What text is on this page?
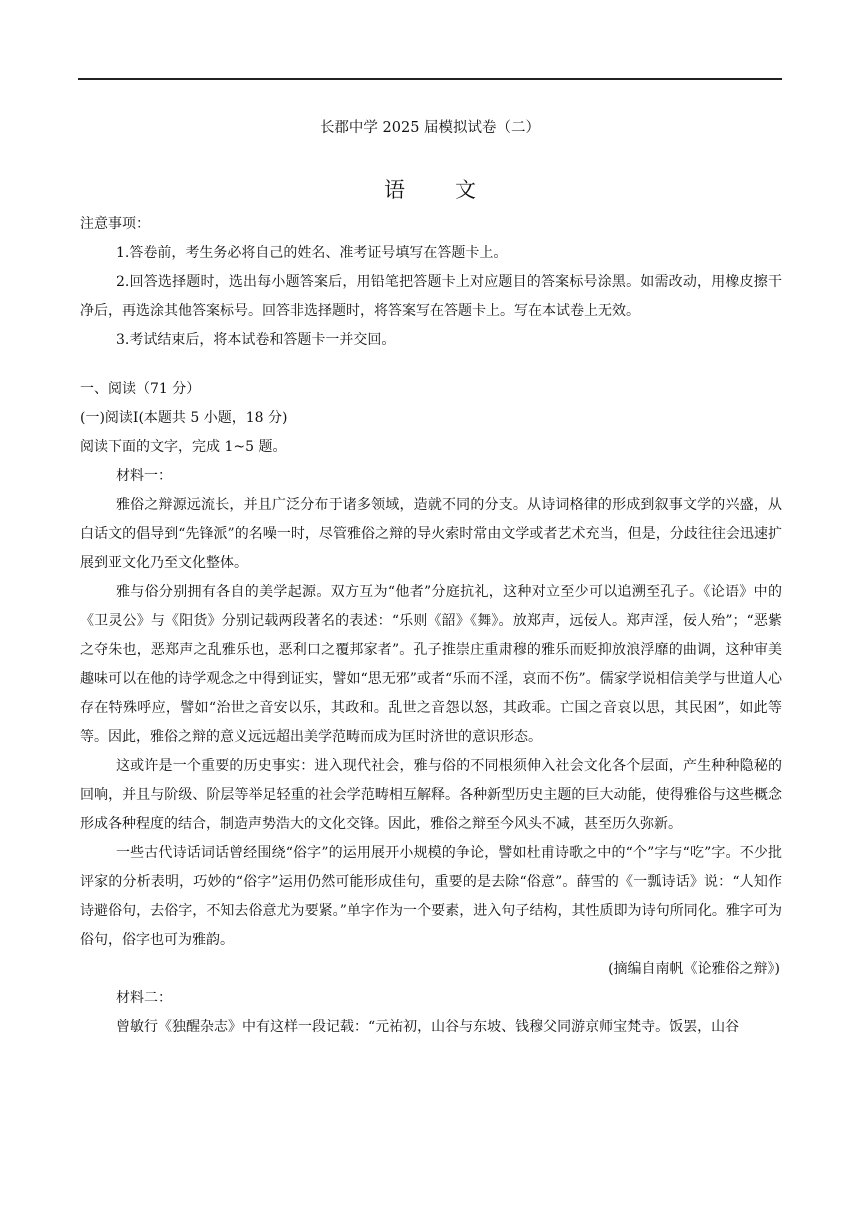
长郡中学 2025 届模拟试卷（二）
语文
注意事项：

1.答卷前，考生务必将自己的姓名、准考证号填写在答题卡上。

2.回答选择题时，选出每小题答案后，用铅笔把答题卡上对应题目的答案标号涂黑。如需改动，用橡皮擦干净后，再选涂其他答案标号。回答非选择题时，将答案写在答题卡上。写在本试卷上无效。

3.考试结束后，将本试卷和答题卡一并交回。

一、阅读（71 分）
(一)阅读Ⅰ(本题共 5 小题，18 分)
阅读下面的文字，完成 1~5 题。
材料一：

雅俗之辩源远流长，并且广泛分布于诸多领域，造就不同的分支。从诗词格律的形成到叙事文学的兴盛，从白话文的倡导到“先锋派”的名噪一时，尽管雅俗之辩的导火索时常由文学或者艺术充当，但是，分歧往往会迅速扩展到亚文化乃至文化整体。

雅与俗分别拥有各自的美学起源。双方互为“他者”分庭抗礼，这种对立至少可以追溯至孔子。《论语》中的《卫灵公》与《阳货》分别记载两段著名的表述：“乐则《韶》《舞》。放郑声，远佞人。郑声淫，佞人殆”；“恶紫之夺朱也，恶郑声之乱雅乐也，恶利口之覆邦家者”。孔子推崇庄重肃穆的雅乐而贬抑放浪浮靡的曲调，这种审美趣味可以在他的诗学观念之中得到证实，譬如“思无邪”或者“乐而不淫，哀而不伤”。儒家学说相信美学与世道人心存在特殊呼应，譬如“治世之音安以乐，其政和。乱世之音怨以怒，其政乖。亡国之音哀以思，其民困”，如此等等。因此，雅俗之辩的意义远远超出美学范畴而成为匡时济世的意识形态。

这或许是一个重要的历史事实：进入现代社会，雅与俗的不同根须伸入社会文化各个层面，产生种种隐秘的回响，并且与阶级、阶层等举足轻重的社会学范畴相互解释。各种新型历史主题的巨大动能，使得雅俗与这些概念形成各种程度的结合，制造声势浩大的文化交锋。因此，雅俗之辩至今风头不减，甚至历久弥新。

一些古代诗话词话曾经围绕“俗字”的运用展开小规模的争论，譬如杜甫诗歌之中的“个”字与“吃”字。不少批评家的分析表明，巧妙的“俗字”运用仍然可能形成佳句，重要的是去除“俗意”。薛雪的《一瓢诗话》说：“人知作诗避俗句，去俗字，不知去俗意尤为要紧。”单字作为一个要素，进入句子结构，其性质即为诗句所同化。雅字可为俗句，俗字也可为雅韵。

(摘编自南帆《论雅俗之辩》)
材料二：

曾敏行《独醒杂志》中有这样一段记载：“元祐初，山谷与东坡、钱穆父同游京师宝梵寺。饭罢，山谷
